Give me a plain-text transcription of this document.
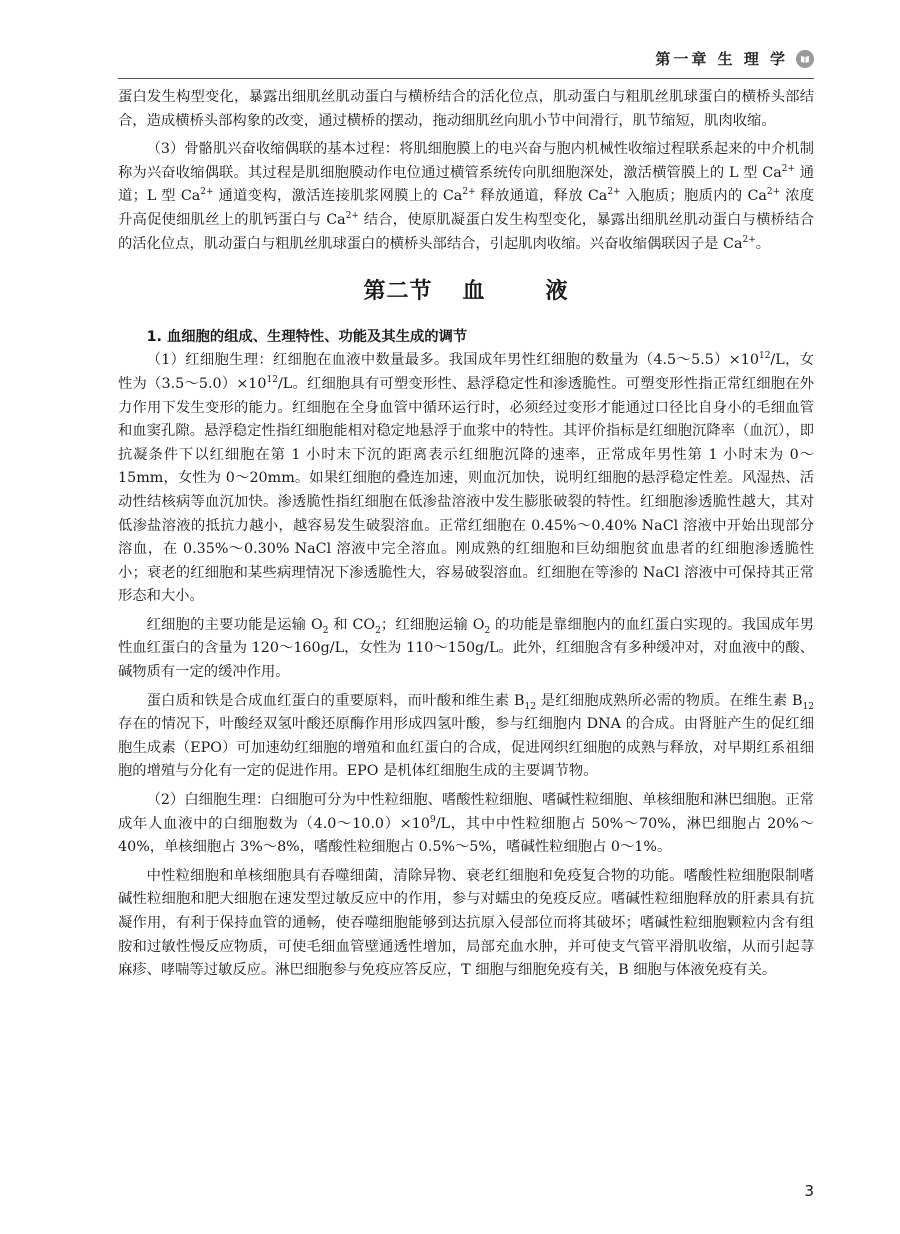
第一章 生 理 学

蛋白发生构型变化，暴露出细肌丝肌动蛋白与横桥结合的活化位点，肌动蛋白与粗肌丝肌球蛋白的横桥头部结合，造成横桥头部构象的改变，通过横桥的摆动，拖动细肌丝向肌小节中间滑行，肌节缩短，肌肉收缩。

（3）骨骼肌兴奋收缩偶联的基本过程：将肌细胞膜上的电兴奋与胞内机械性收缩过程联系起来的中介机制称为兴奋收缩偶联。其过程是肌细胞膜动作电位通过横管系统传向肌细胞深处，激活横管膜上的 L 型 $Ca^{2+}$ 通道；L 型 $Ca^{2+}$ 通道变构，激活连接肌浆网膜上的 $Ca^{2+}$ 释放通道，释放 $Ca^{2+}$ 入胞质；胞质内的 $Ca^{2+}$ 浓度升高促使细肌丝上的肌钙蛋白与 $Ca^{2+}$ 结合，使原肌凝蛋白发生构型变化，暴露出细肌丝肌动蛋白与横桥结合的活化位点，肌动蛋白与粗肌丝肌球蛋白的横桥头部结合，引起肌肉收缩。兴奋收缩偶联因子是 $Ca^{2+}$。

第二节 血	液

1. 血细胞的组成、生理特性、功能及其生成的调节

（1）红细胞生理：红细胞在血液中数量最多。我国成年男性红细胞的数量为$(4.5\sim 5.5)\times 10^{12}/L$，女性为$(3.5\sim 5.0)\times 10^{12}/L$。红细胞具有可塑变形性、悬浮稳定性和渗透脆性。可塑变形性指正常红细胞在外力作用下发生变形的能力。红细胞在全身血管中循环运行时，必须经过变形才能通过口径比自身小的毛细血管和血窦孔隙。悬浮稳定性指红细胞能相对稳定地悬浮于血浆中的特性。其评价指标是红细胞沉降率（血沉），即抗凝条件下以红细胞在第 1 小时末下沉的距离表示红细胞沉降的速率，正常成年男性第 1 小时末为 0～15mm，女性为 0～20mm。如果红细胞的叠连加速，则血沉加快，说明红细胞的悬浮稳定性差。风湿热、活动性结核病等血沉加快。渗透脆性指红细胞在低渗盐溶液中发生膨胀破裂的特性。红细胞渗透脆性越大，其对低渗盐溶液的抵抗力越小，越容易发生破裂溶血。正常红细胞在 0.45%～0.40% NaCl 溶液中开始出现部分溶血，在 0.35%～0.30% NaCl 溶液中完全溶血。刚成熟的红细胞和巨幼细胞贫血患者的红细胞渗透脆性小；衰老的红细胞和某些病理情况下渗透脆性大，容易破裂溶血。红细胞在等渗的 NaCl 溶液中可保持其正常形态和大小。

红细胞的主要功能是运输 $O_2$ 和 $CO_2$；红细胞运输 $O_2$ 的功能是靠细胞内的血红蛋白实现的。我国成年男性血红蛋白的含量为 120～160g/L，女性为 110～150g/L。此外，红细胞含有多种缓冲对，对血液中的酸、碱物质有一定的缓冲作用。

蛋白质和铁是合成血红蛋白的重要原料，而叶酸和维生素 $B_{12}$ 是红细胞成熟所必需的物质。在维生素 $B_{12}$ 存在的情况下，叶酸经双氢叶酸还原酶作用形成四氢叶酸，参与红细胞内 DNA 的合成。由肾脏产生的促红细胞生成素（EPO）可加速幼红细胞的增殖和血红蛋白的合成，促进网织红细胞的成熟与释放，对早期红系祖细胞的增殖与分化有一定的促进作用。EPO 是机体红细胞生成的主要调节物。

（2）白细胞生理：白细胞可分为中性粒细胞、嗜酸性粒细胞、嗜碱性粒细胞、单核细胞和淋巴细胞。正常成年人血液中的白细胞数为$(4.0\sim 10.0)\times 10^9/L$，其中中性粒细胞占 50%～70%，淋巴细胞占 20%～40%，单核细胞占 3%～8%，嗜酸性粒细胞占 0.5%～5%，嗜碱性粒细胞占 0～1%。

中性粒细胞和单核细胞具有吞噬细菌，清除异物、衰老红细胞和免疫复合物的功能。嗜酸性粒细胞限制嗜碱性粒细胞和肥大细胞在速发型过敏反应中的作用，参与对蠕虫的免疫反应。嗜碱性粒细胞释放的肝素具有抗凝作用，有利于保持血管的通畅，使吞噬细胞能够到达抗原入侵部位而将其破坏；嗜碱性粒细胞颗粒内含有组胺和过敏性慢反应物质，可使毛细血管壁通透性增加，局部充血水肿，并可使支气管平滑肌收缩，从而引起荨麻疹、哮喘等过敏反应。淋巴细胞参与免疫应答反应，T 细胞与细胞免疫有关，B 细胞与体液免疫有关。

3
